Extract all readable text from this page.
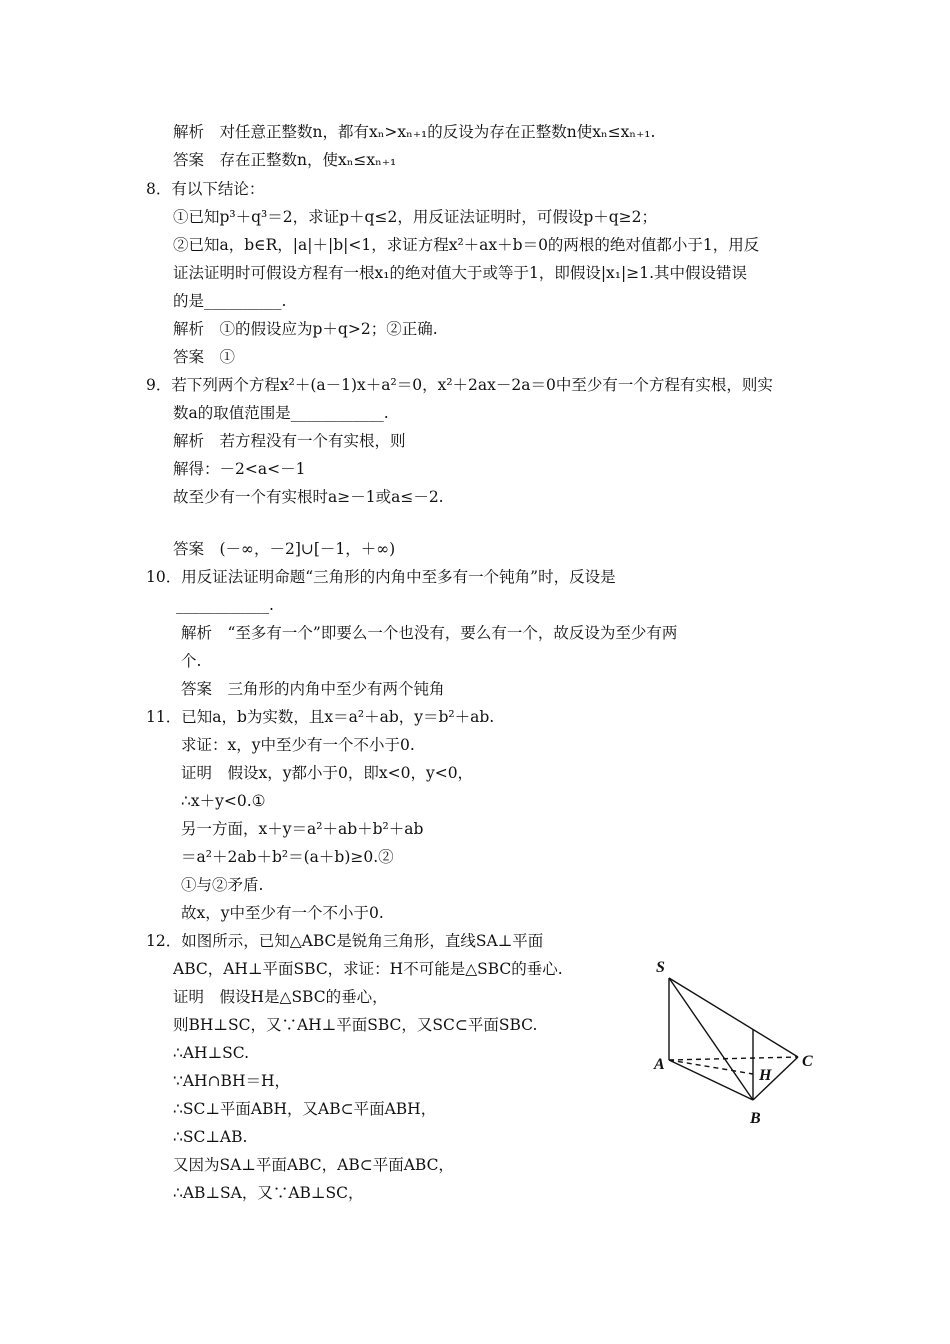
解析　对任意正整数n，都有xₙ>xₙ₊₁的反设为存在正整数n使xₙ≤xₙ₊₁.
答案　存在正整数n，使xₙ≤xₙ₊₁
8．有以下结论：
①已知p³＋q³＝2，求证p＋q≤2，用反证法证明时，可假设p＋q≥2；
②已知a，b∈R，|a|＋|b|<1，求证方程x²＋ax＋b＝0的两根的绝对值都小于1，用反
证法证明时可假设方程有一根x₁的绝对值大于或等于1，即假设|x₁|≥1.其中假设错误
的是__________.
解析　①的假设应为p＋q>2；②正确.
答案　①
9．若下列两个方程x²＋(a－1)x＋a²＝0，x²＋2ax－2a＝0中至少有一个方程有实根，则实
数a的取值范围是____________.
解析　若方程没有一个有实根，则
解得：－2<a<－1
故至少有一个有实根时a≥－1或a≤－2.
答案　(－∞，－2]∪[－1，＋∞)
10．用反证法证明命题“三角形的内角中至多有一个钝角”时，反设是
____________.
解析　“至多有一个”即要么一个也没有，要么有一个，故反设为至少有两
个.
答案　三角形的内角中至少有两个钝角
11．已知a，b为实数，且x＝a²＋ab，y＝b²＋ab.
求证：x，y中至少有一个不小于0.
证明　假设x，y都小于0，即x<0，y<0，
∴x＋y<0.①
另一方面，x＋y＝a²＋ab＋b²＋ab
＝a²＋2ab＋b²＝(a＋b)≥0.②
①与②矛盾.
故x，y中至少有一个不小于0.
12．如图所示，已知△ABC是锐角三角形，直线SA⊥平面
ABC，AH⊥平面SBC，求证：H不可能是△SBC的垂心.
证明　假设H是△SBC的垂心，
则BH⊥SC，又∵AH⊥平面SBC，又SC⊂平面SBC.
∴AH⊥SC.
∵AH∩BH＝H，
∴SC⊥平面ABH，又AB⊂平面ABH，
∴SC⊥AB.
又因为SA⊥平面ABC，AB⊂平面ABC，
∴AB⊥SA，又∵AB⊥SC，
S
A
H
C
B
